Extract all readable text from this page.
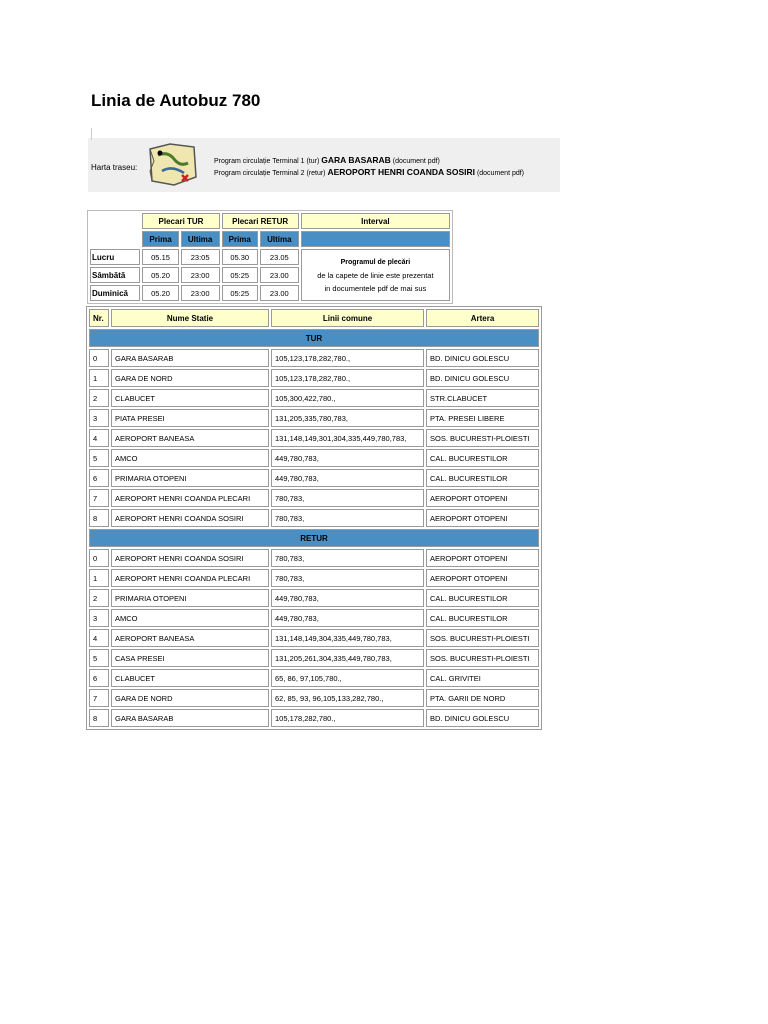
Linia de Autobuz 780
Harta traseu:
Program circulație Terminal 1 (tur) GARA BASARAB (document pdf)
Program circulație Terminal 2 (retur) AEROPORT HENRI COANDA SOSIRI (document pdf)
	Plecari TUR		Plecari RETUR		Interval
	Prima	Ultima	Prima	Ultima	
Lucru	05.15	23:05	05.30	23.05	Programul de plecări
de la capete de linie este prezentat
in documentele pdf de mai sus
Sâmbătă	05.20	23:00	05:25	23.00	
Duminică	05.20	23:00	05:25	23.00	
Nr.	Nume Statie	Linii comune	Artera
TUR			
0	GARA BASARAB	105,123,178,282,780.,	BD. DINICU GOLESCU
1	GARA DE NORD	105,123,178,282,780.,	BD. DINICU GOLESCU
2	CLABUCET	105,300,422,780.,	STR.CLABUCET
3	PIATA PRESEI	131,205,335,780,783,	PTA. PRESEI LIBERE
4	AEROPORT BANEASA	131,148,149,301,304,335,449,780,783,	SOS. BUCURESTI-PLOIESTI
5	AMCO	449,780,783,	CAL. BUCURESTILOR
6	PRIMARIA OTOPENI	449,780,783,	CAL. BUCURESTILOR
7	AEROPORT HENRI COANDA PLECARI	780,783,	AEROPORT OTOPENI
8	AEROPORT HENRI COANDA SOSIRI	780,783,	AEROPORT OTOPENI
RETUR			
0	AEROPORT HENRI COANDA SOSIRI	780,783,	AEROPORT OTOPENI
1	AEROPORT HENRI COANDA PLECARI	780,783,	AEROPORT OTOPENI
2	PRIMARIA OTOPENI	449,780,783,	CAL. BUCURESTILOR
3	AMCO	449,780,783,	CAL. BUCURESTILOR
4	AEROPORT BANEASA	131,148,149,304,335,449,780,783,	SOS. BUCURESTI-PLOIESTI
5	CASA PRESEI	131,205,261,304,335,449,780,783,	SOS. BUCURESTI-PLOIESTI
6	CLABUCET	65, 86, 97,105,780.,	CAL. GRIVITEI
7	GARA DE NORD	62, 85, 93, 96,105,133,282,780.,	PTA. GARII DE NORD
8	GARA BASARAB	105,178,282,780.,	BD. DINICU GOLESCU
